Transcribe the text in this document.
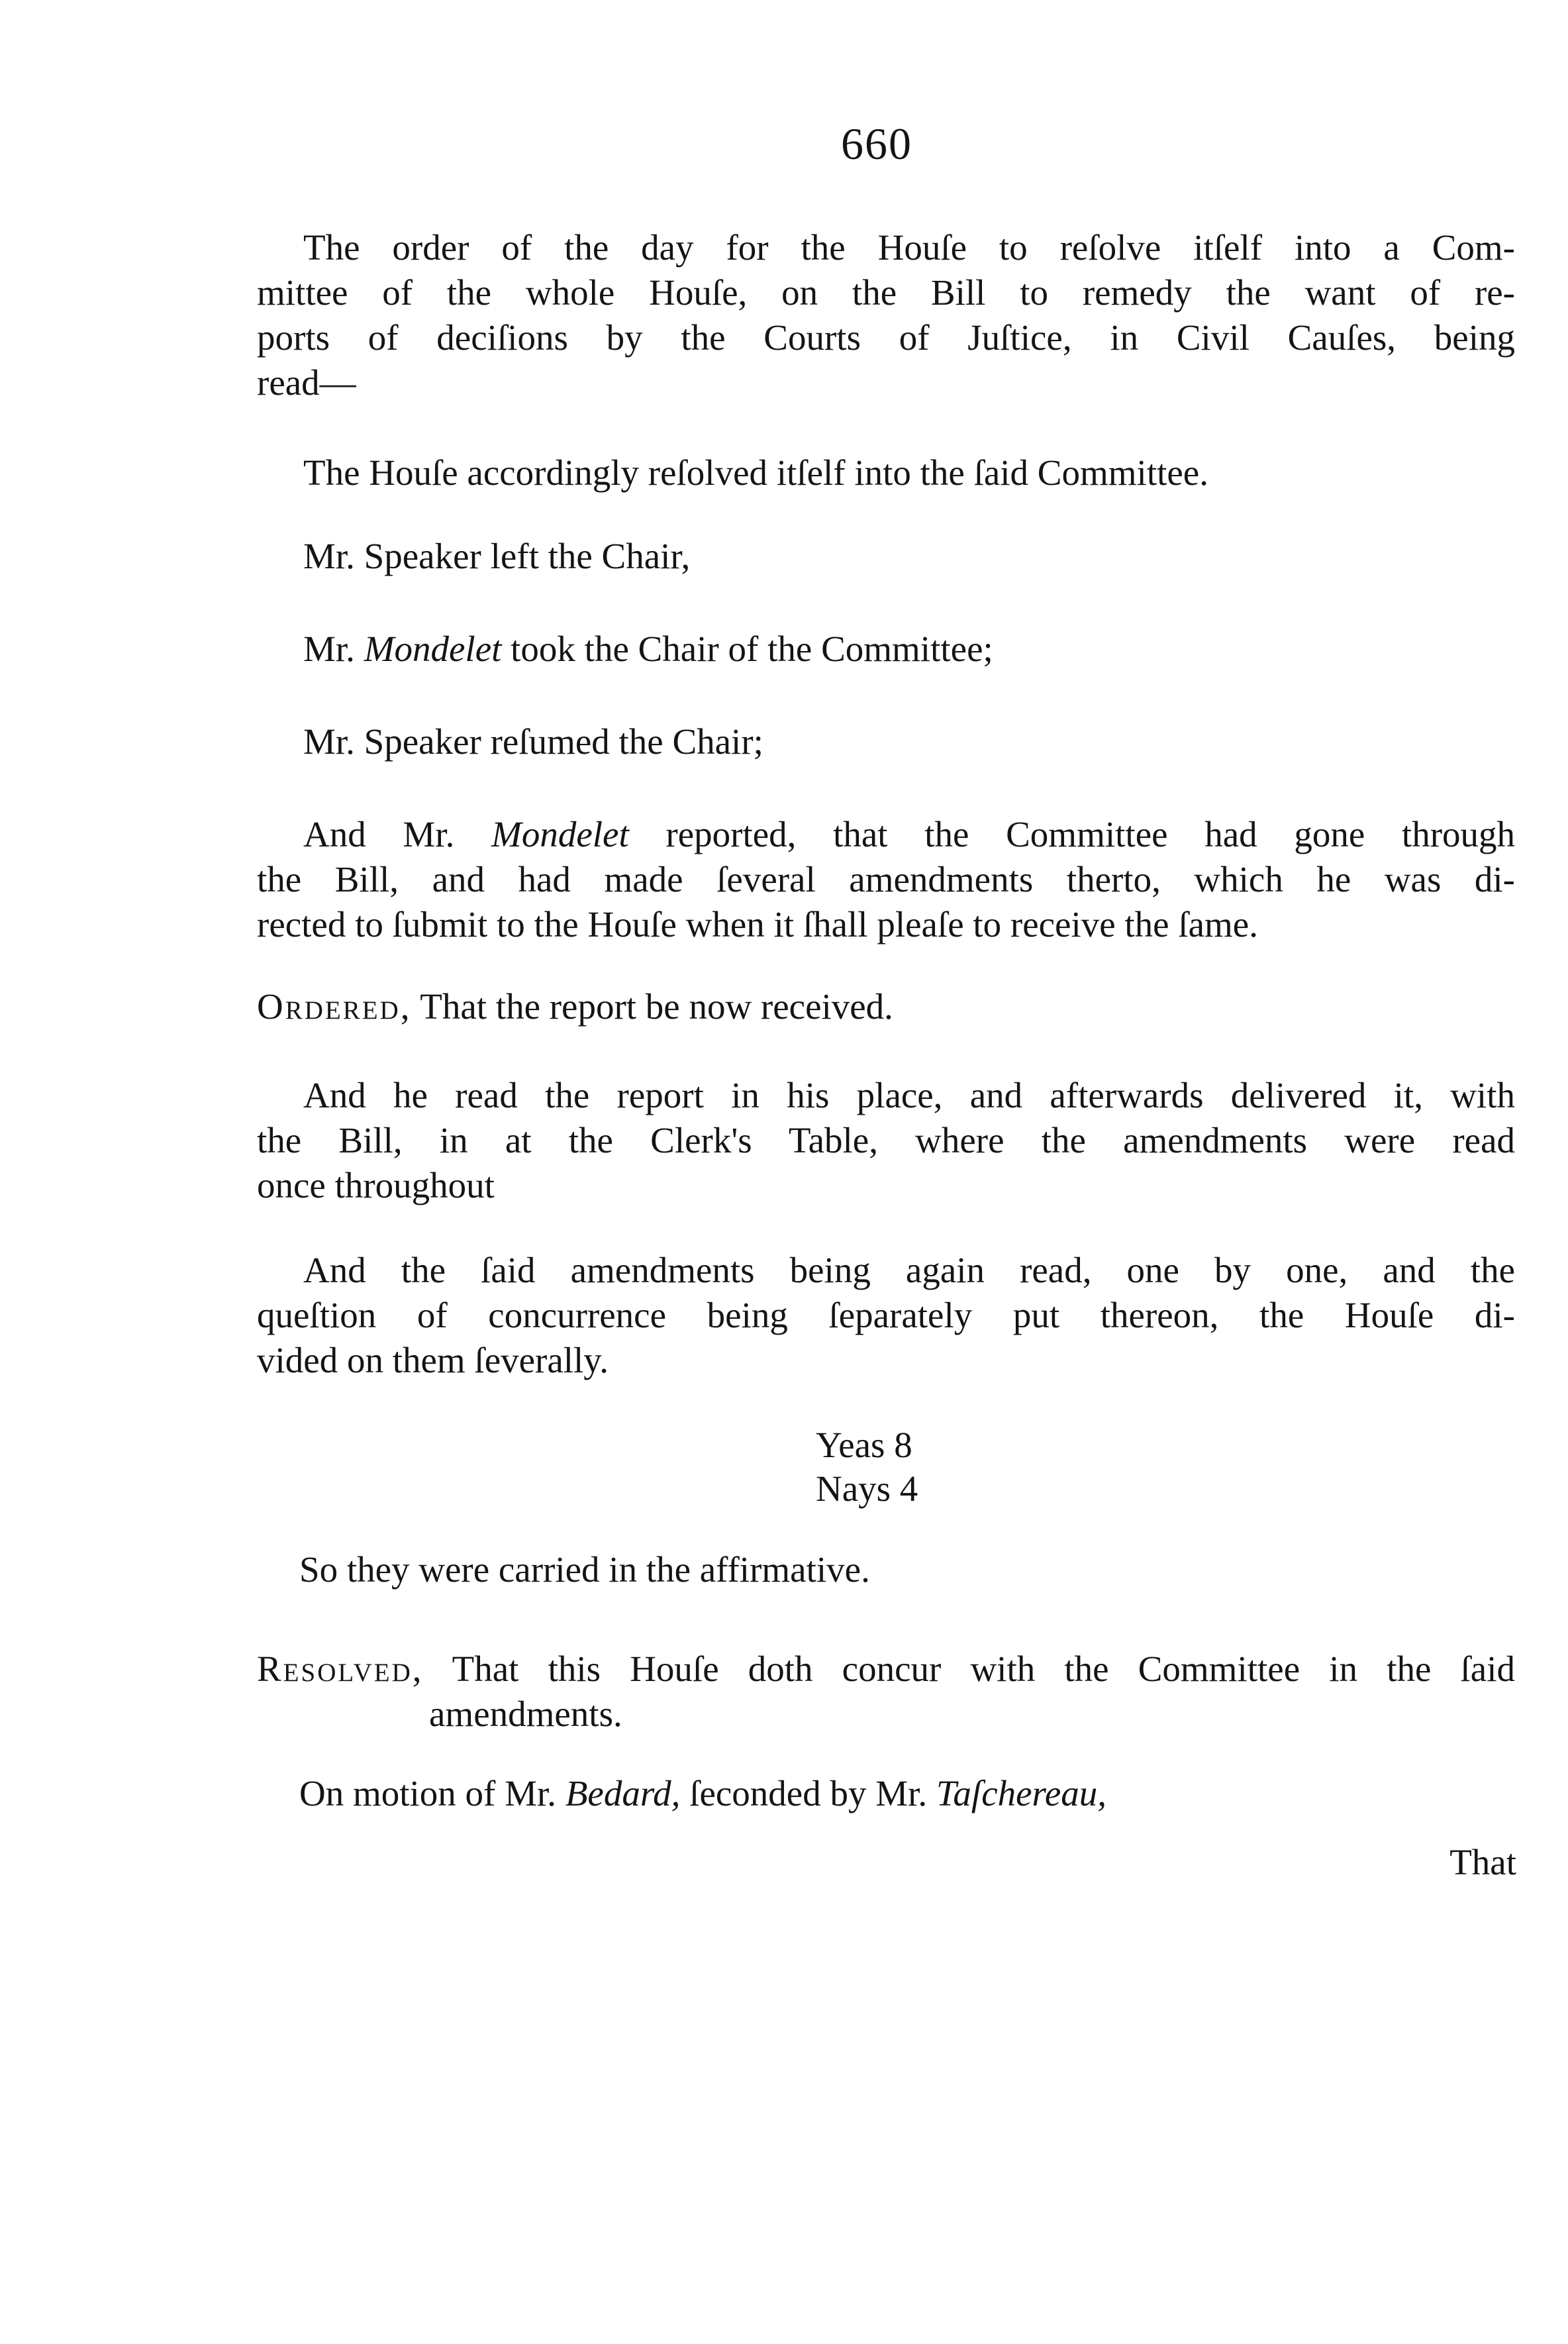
660
The order of the day for the Houſe to reſolve itſelf into a Com-
mittee of the whole Houſe, on the Bill to remedy the want of re-
ports of deciſions by the Courts of Juſtice, in Civil Cauſes, being
read—
The Houſe accordingly reſolved itſelf into the ſaid Committee.
Mr. Speaker left the Chair,
Mr. Mondelet took the Chair of the Committee;
Mr. Speaker reſumed the Chair;
And Mr. Mondelet reported, that the Committee had gone through
the Bill, and had made ſeveral amendments therto, which he was di-
rected to ſubmit to the Houſe when it ſhall pleaſe to receive the ſame.
Ordered, That the report be now received.
And he read the report in his place, and afterwards delivered it, with
the Bill, in at the Clerk's Table, where the amendments were read
once throughout
And the ſaid amendments being again read, one by one, and the
queſtion of concurrence being ſeparately put thereon, the Houſe di-
vided on them ſeverally.
Yeas 8
Nays 4
So they were carried in the affirmative.
Resolved, That this Houſe doth concur with the Committee in the ſaid
amendments.
On motion of Mr. Bedard, ſeconded by Mr. Taſchereau,
That
